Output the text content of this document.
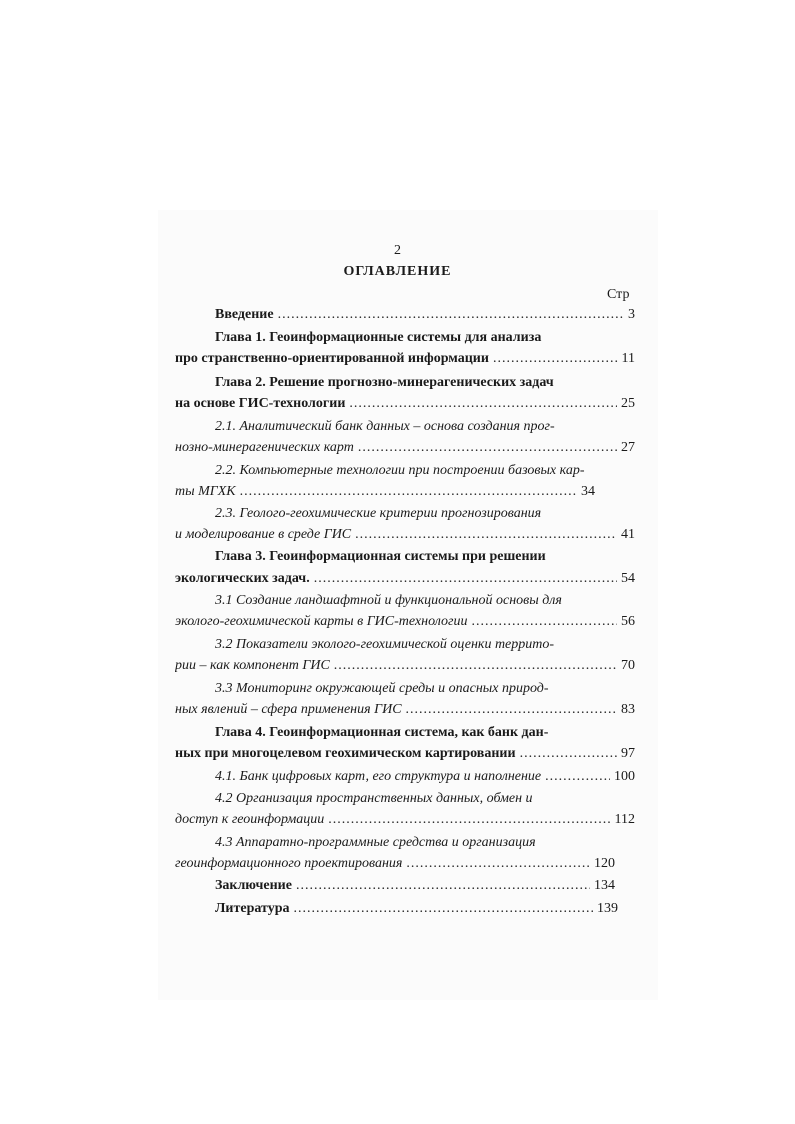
2
ОГЛАВЛЕНИЕ
Стр
Введение .....	3
Глава 1. Геоинформационные системы для анализа
про странственно-ориентированной информации .....	11
Глава 2. Решение прогнозно-минерагенических задач
на основе ГИС-технологии .....	25
2.1. Аналитический банк данных – основа создания прог-
нозно-минерагенических карт .....	27
2.2. Компьютерные технологии при построении базовых кар-
ты МГХК .....	34
2.3. Геолого-геохимические критерии прогнозирования
и моделирование в среде ГИС .....	41
Глава 3. Геоинформационная системы при решении
экологических задач. .....	54
3.1 Создание ландшафтной и функциональной основы для
эколого-геохимической карты в ГИС-технологии .....	56
3.2 Показатели эколого-геохимической оценки террито-
рии – как компонент ГИС .....	70
3.3 Мониторинг окружающей среды и опасных природ-
ных явлений – сфера применения ГИС .....	83
Глава 4. Геоинформационная система, как банк дан-
ных при многоцелевом геохимическом картировании .....	97
4.1. Банк цифровых карт, его структура и наполнение .....	100
4.2 Организация пространственных данных, обмен и
доступ к геоинформации .....	112
4.3 Аппаратно-программные средства и организация
геоинформационного проектирования .....	120
Заключение .....	134
Литература .....	139
